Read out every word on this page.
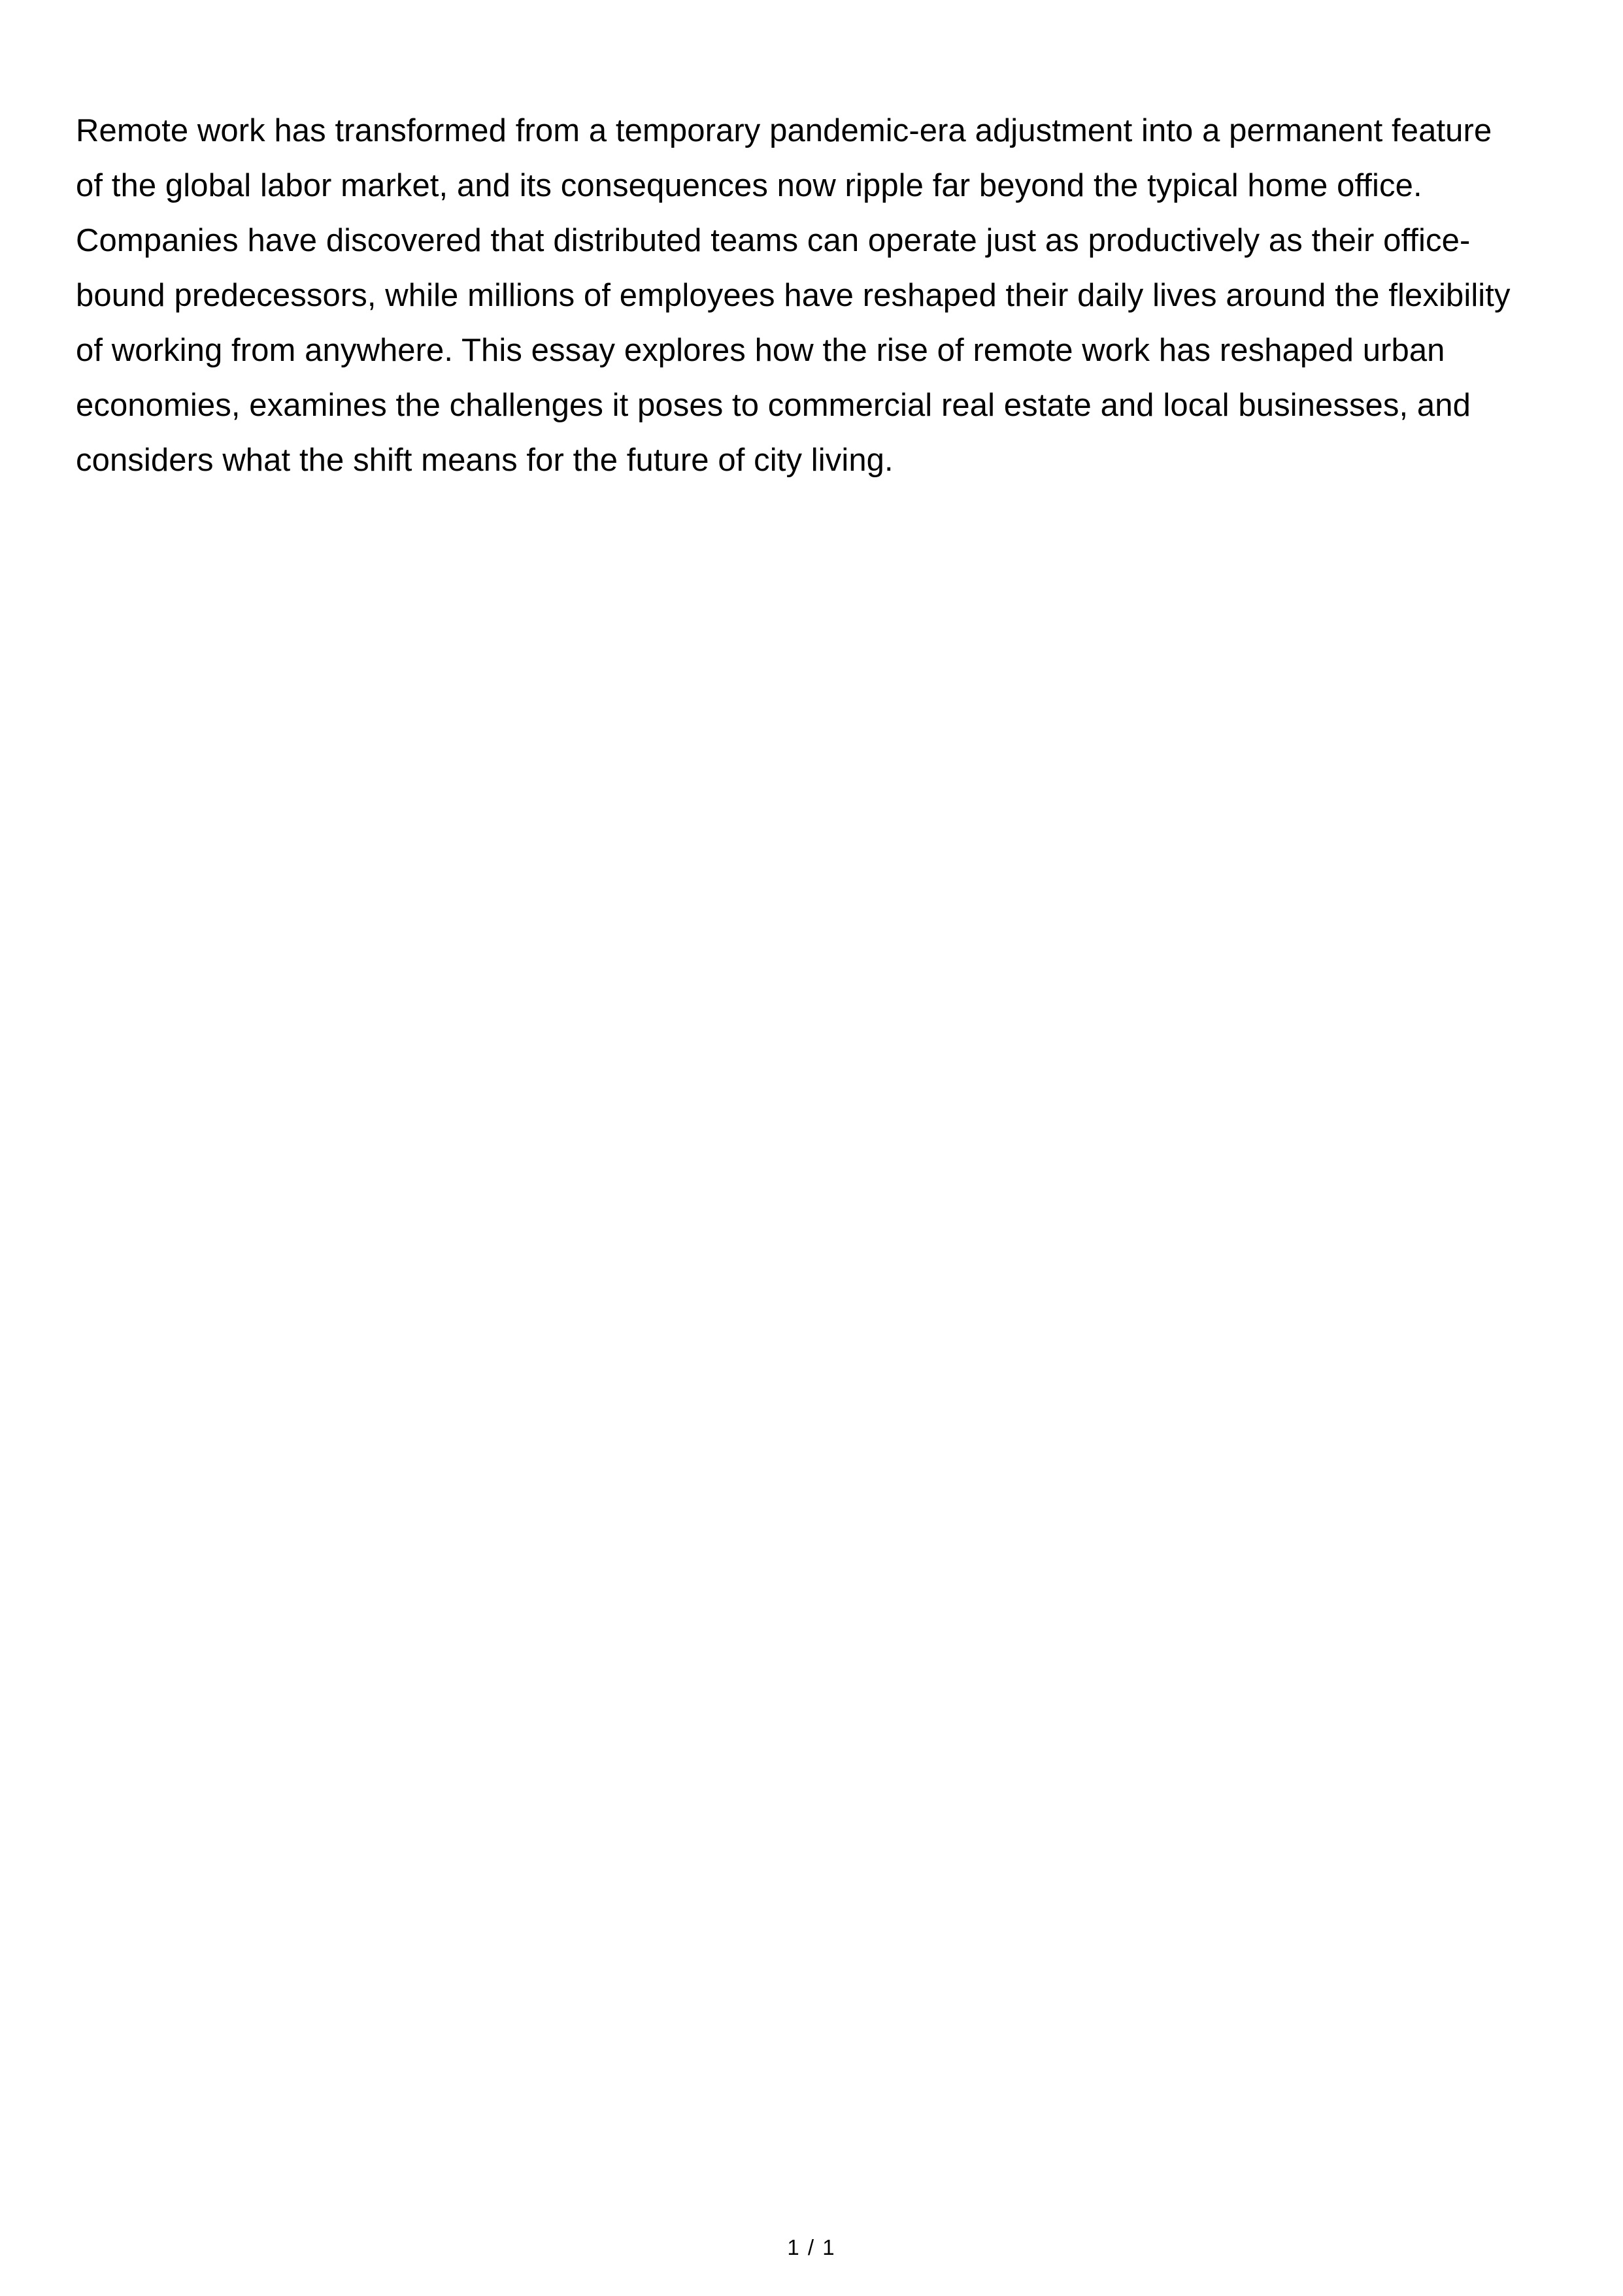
Remote work has transformed from a temporary pandemic-era adjustment into a permanent feature
of the global labor market, and its consequences now ripple far beyond the typical home office.
Companies have discovered that distributed teams can operate just as productively as their office-
bound predecessors, while millions of employees have reshaped their daily lives around the flexibility
of working from anywhere. This essay explores how the rise of remote work has reshaped urban
economies, examines the challenges it poses to commercial real estate and local businesses, and
considers what the shift means for the future of city living.

1 / 1
